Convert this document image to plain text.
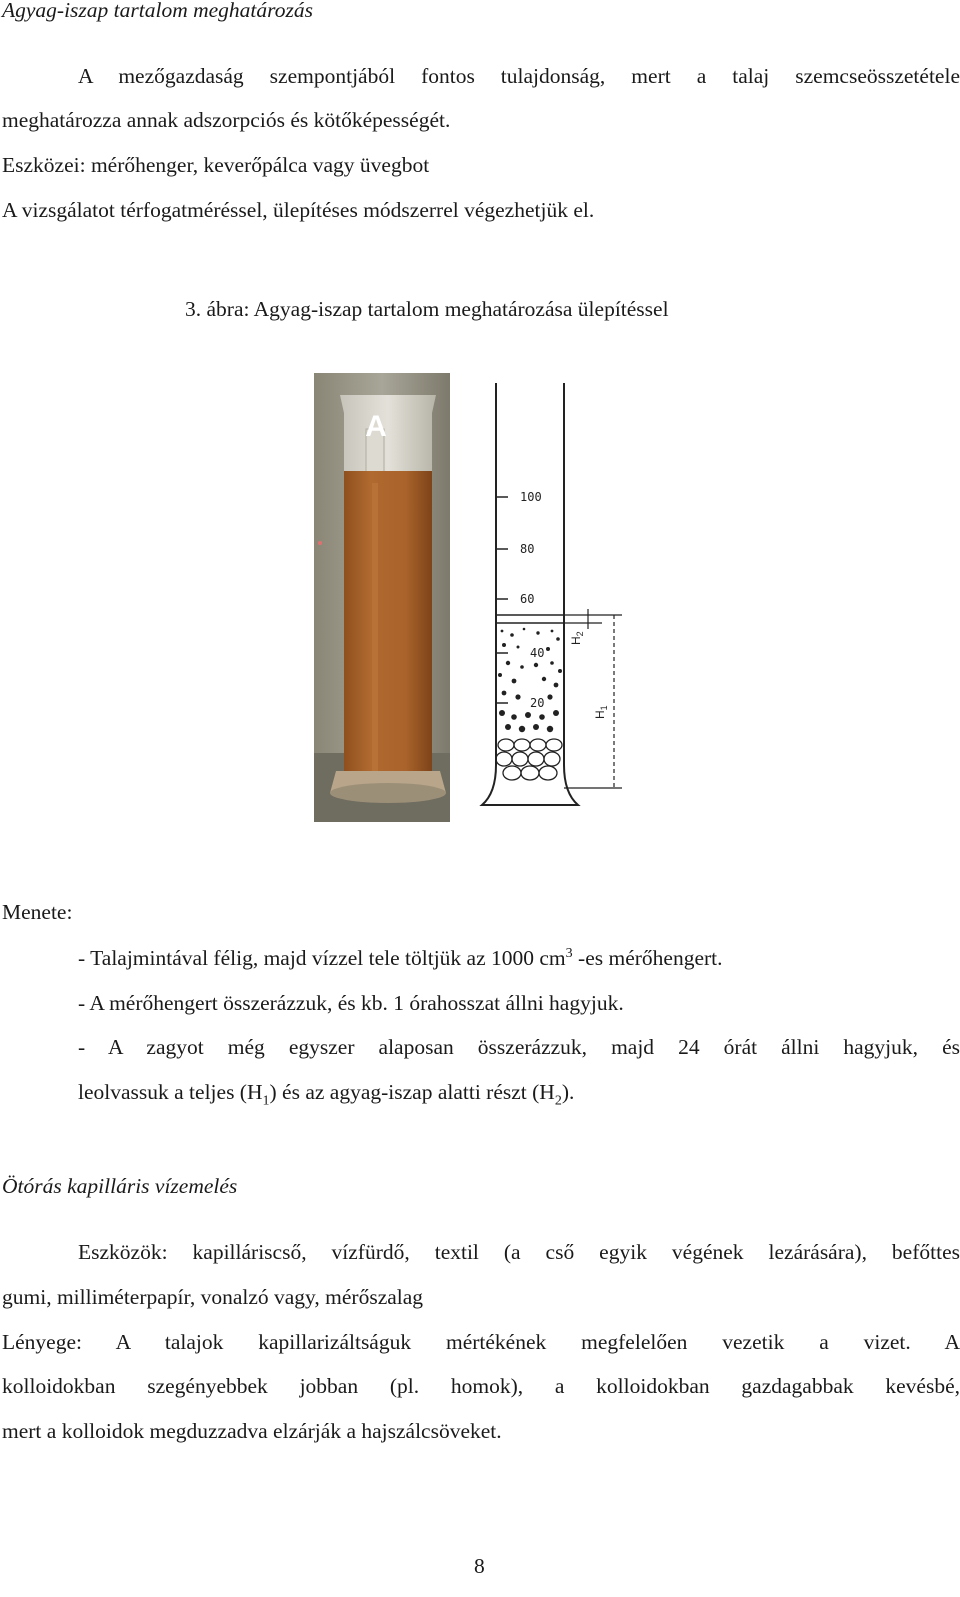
Agyag-iszap tartalom meghatározás
A mezőgazdaság szempontjából fontos tulajdonság, mert a talaj szemcseösszetétele
meghatározza annak adszorpciós és kötőképességét.
Eszközei: mérőhenger, keverőpálca vagy üvegbot
A vizsgálatot térfogatméréssel, ülepítéses módszerrel végezhetjük el.
3. ábra: Agyag-iszap tartalom meghatározása ülepítéssel
A
100
80
60
40
20
$H_2$
$H_1$
Menete:
- Talajmintával félig, majd vízzel tele töltjük az 1000 $cm^3$ -es mérőhengert.
- A mérőhengert összerázzuk, és kb. 1 órahosszat állni hagyjuk.
- A zagyot még egyszer alaposan összerázzuk, majd 24 órát állni hagyjuk, és
leolvassuk a teljes $(H_1)$ és az agyag-iszap alatti részt $(H_2)$.
Ötórás kapilláris vízemelés
Eszközök: kapilláriscső, vízfürdő, textil (a cső egyik végének lezárására), befőttes
gumi, milliméterpapír, vonalzó vagy, mérőszalag
Lényege: A talajok kapillarizáltságuk mértékének megfelelően vezetik a vizet. A
kolloidokban szegényebbek jobban (pl. homok), a kolloidokban gazdagabbak kevésbé,
mert a kolloidok megduzzadva elzárják a hajszálcsöveket.
8
